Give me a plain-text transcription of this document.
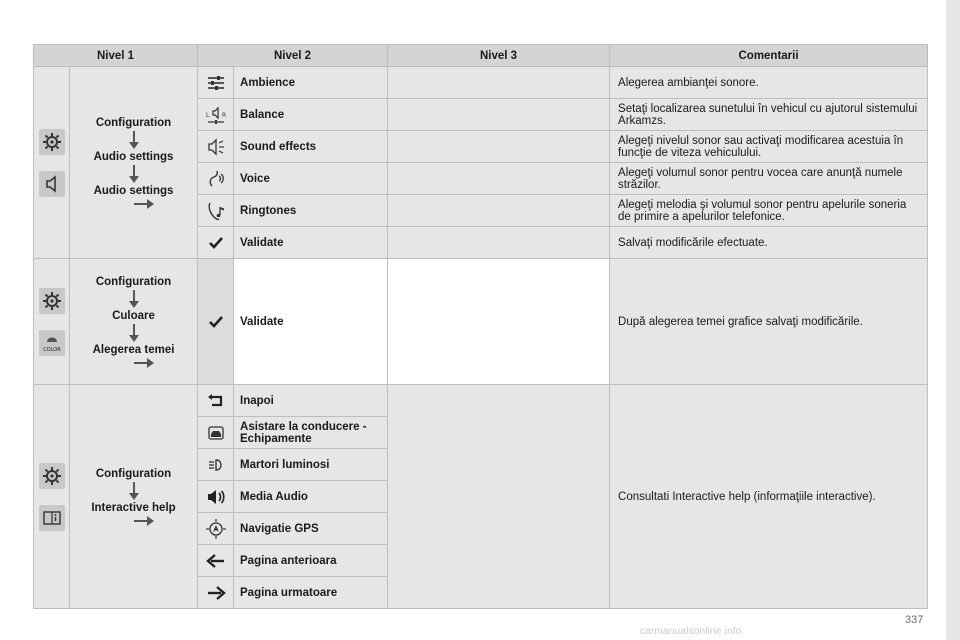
Nivel 1		Nivel 2		Nivel 3	Comentarii

Configuration
Audio settings
Audio settings		Ambience		Alegerea ambianţei sonore.

L R	Balance		Setaţi localizarea sunetului în vehicul cu ajutorul sistemului Arkamzs.
	Sound effects		Alegeţi nivelul sonor sau activaţi modificarea acestuia în funcţie de viteza vehiculului.
	Voice		Alegeţi volumul sonor pentru vocea care anunţă numele străzilor.
	Ringtones		Alegeţi melodia şi volumul sonor pentru apelurile soneria de primire a apelurilor telefonice.
	Validate		Salvaţi modificările efectuate.

COLOR	Configuration
Culoare
Alegerea temei		Validate		După alegerea temei grafice salvaţi modificările.

Configuration
Interactive help		Inapoi		Consultati Interactive help (informaţiile interactive).
	Asistare la conducere - Echipamente		
	Martori luminosi		
	Media Audio		
	Navigatie GPS		
	Pagina anterioara		
	Pagina urmatoare		
337
carmanualsonline.info
